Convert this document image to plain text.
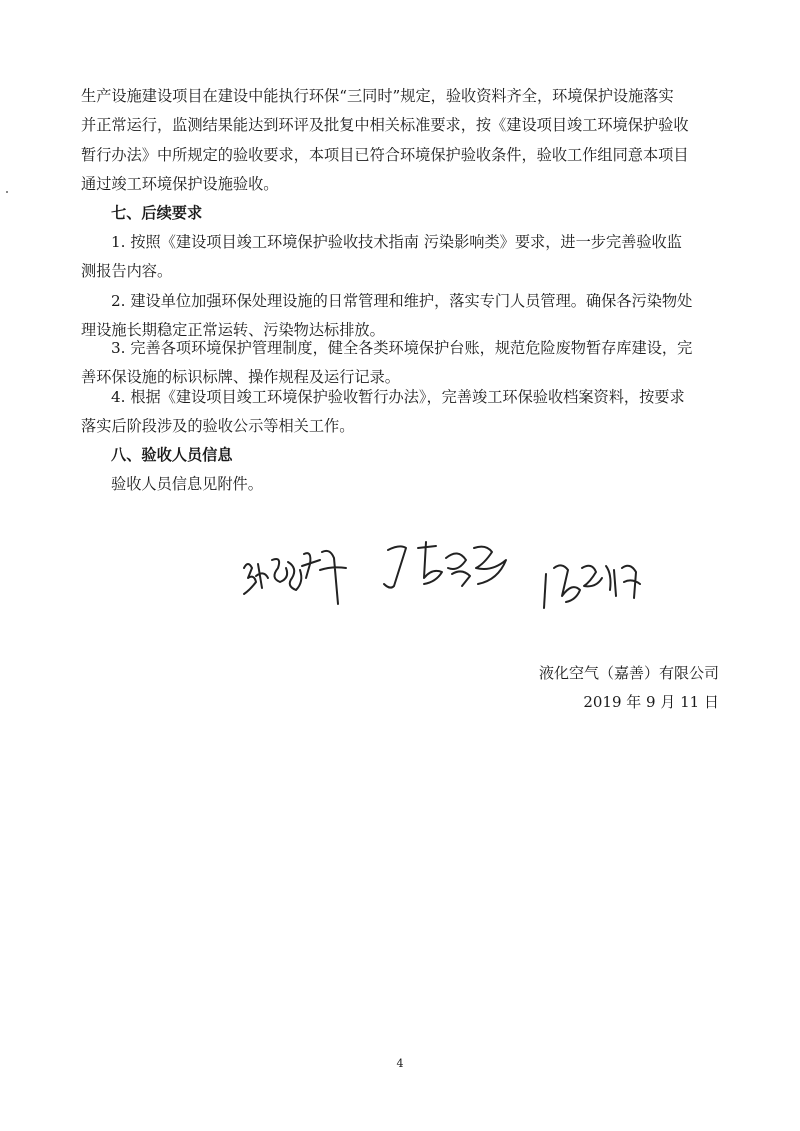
生产设施建设项目在建设中能执行环保“三同时”规定，验收资料齐全，环境保护设施落实
并正常运行，监测结果能达到环评及批复中相关标准要求，按《建设项目竣工环境保护验收
暂行办法》中所规定的验收要求，本项目已符合环境保护验收条件，验收工作组同意本项目
通过竣工环境保护设施验收。

七、后续要求

1. 按照《建设项目竣工环境保护验收技术指南 污染影响类》要求，进一步完善验收监
测报告内容。

2. 建设单位加强环保处理设施的日常管理和维护，落实专门人员管理。确保各污染物处
理设施长期稳定正常运转、污染物达标排放。

3. 完善各项环境保护管理制度，健全各类环境保护台账，规范危险废物暂存库建设，完
善环保设施的标识标牌、操作规程及运行记录。

4. 根据《建设项目竣工环境保护验收暂行办法》，完善竣工环保验收档案资料，按要求
落实后阶段涉及的验收公示等相关工作。

八、验收人员信息

验收人员信息见附件。

液化空气（嘉善）有限公司
2019 年 9 月 11 日
4
